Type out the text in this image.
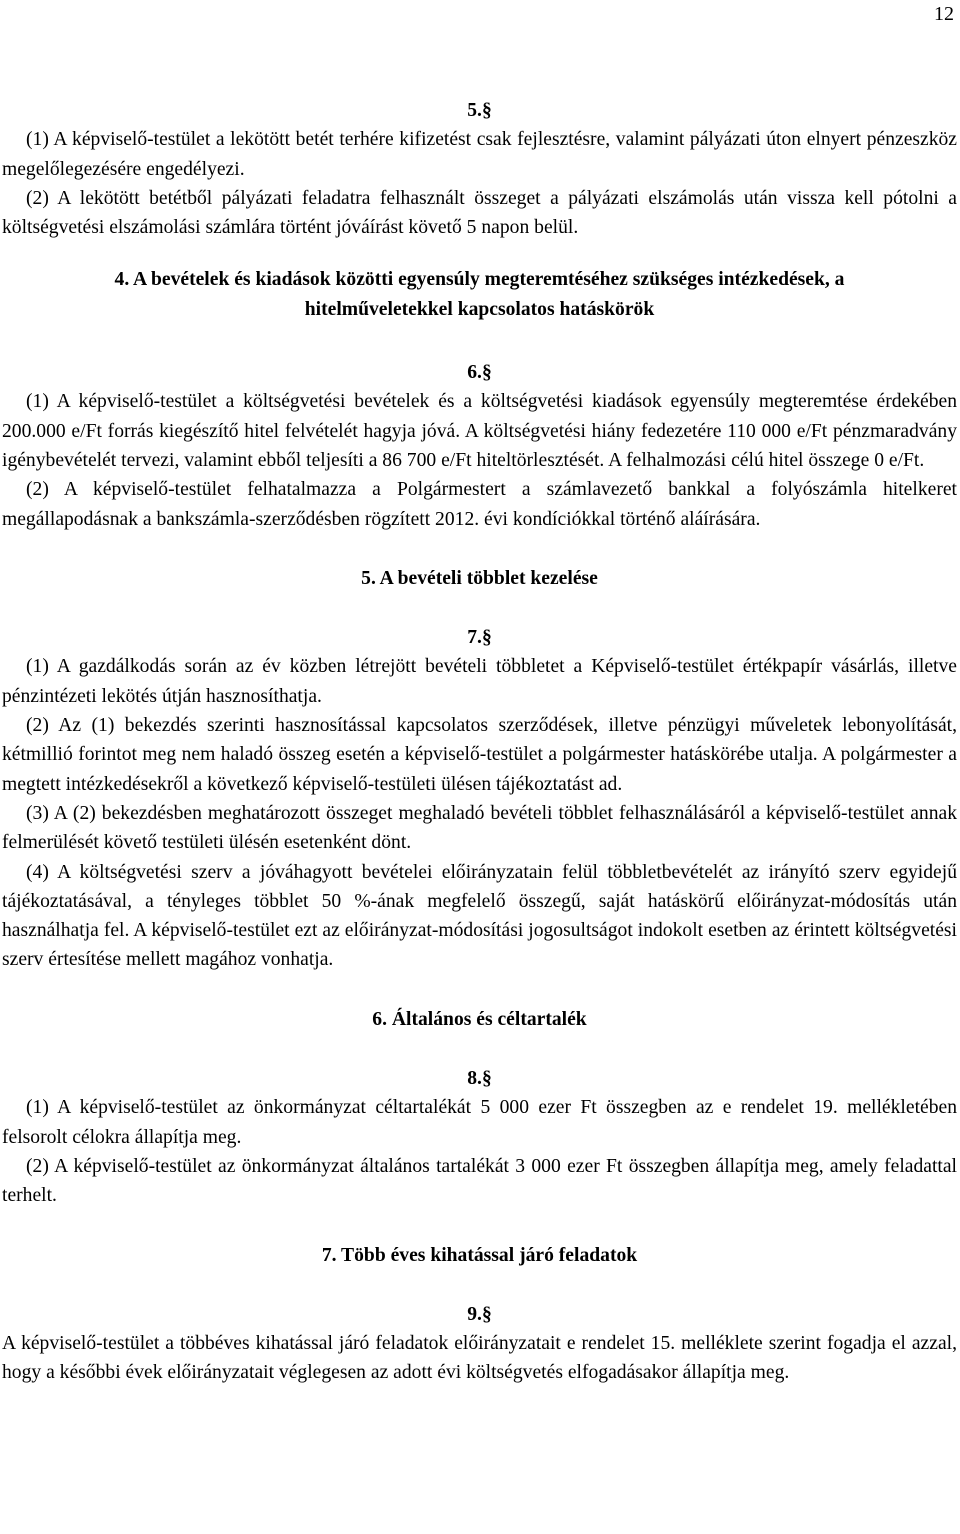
12

5.§

(1) A képviselő-testület a lekötött betét terhére kifizetést csak fejlesztésre, valamint pályázati úton elnyert pénzeszköz megelőlegezésére engedélyezi.

(2) A lekötött betétből pályázati feladatra felhasznált összeget a pályázati elszámolás után vissza kell pótolni a költségvetési elszámolási számlára történt jóváírást követő 5 napon belül.

4. A bevételek és kiadások közötti egyensúly megteremtéséhez szükséges intézkedések, a hitelműveletekkel kapcsolatos hatáskörök

6.§

(1) A képviselő-testület a költségvetési bevételek és a költségvetési kiadások egyensúly megteremtése érdekében 200.000 e/Ft forrás kiegészítő hitel felvételét hagyja jóvá. A költségvetési hiány fedezetére 110 000 e/Ft pénzmaradvány igénybevételét tervezi, valamint ebből teljesíti a 86 700 e/Ft hiteltörlesztését. A felhalmozási célú hitel összege 0 e/Ft.

(2) A képviselő-testület felhatalmazza a Polgármestert a számlavezető bankkal a folyószámla hitelkeret megállapodásnak a bankszámla-szerződésben rögzített 2012. évi kondíciókkal történő aláírására.

5. A bevételi többlet kezelése

7.§

(1) A gazdálkodás során az év közben létrejött bevételi többletet a Képviselő-testület értékpapír vásárlás, illetve pénzintézeti lekötés útján hasznosíthatja.

(2) Az (1) bekezdés szerinti hasznosítással kapcsolatos szerződések, illetve pénzügyi műveletek lebonyolítását, kétmillió forintot meg nem haladó összeg esetén a képviselő-testület a polgármester hatáskörébe utalja. A polgármester a megtett intézkedésekről a következő képviselő-testületi ülésen tájékoztatást ad.

(3) A (2) bekezdésben meghatározott összeget meghaladó bevételi többlet felhasználásáról a képviselő-testület annak felmerülését követő testületi ülésén esetenként dönt.

(4) A költségvetési szerv a jóváhagyott bevételei előirányzatain felül többletbevételét az irányító szerv egyidejű tájékoztatásával, a tényleges többlet 50 %-ának megfelelő összegű, saját hatáskörű előirányzat-módosítás után használhatja fel. A képviselő-testület ezt az előirányzat-módosítási jogosultságot indokolt esetben az érintett költségvetési szerv értesítése mellett magához vonhatja.

6. Általános és céltartalék

8.§

(1) A képviselő-testület az önkormányzat céltartalékát 5 000 ezer Ft összegben az e rendelet 19. mellékletében felsorolt célokra állapítja meg.

(2) A képviselő-testület az önkormányzat általános tartalékát 3 000 ezer Ft összegben állapítja meg, amely feladattal terhelt.

7. Több éves kihatással járó feladatok

9.§

A képviselő-testület a többéves kihatással járó feladatok előirányzatait e rendelet 15. melléklete szerint fogadja el azzal, hogy a későbbi évek előirányzatait véglegesen az adott évi költségvetés elfogadásakor állapítja meg.
